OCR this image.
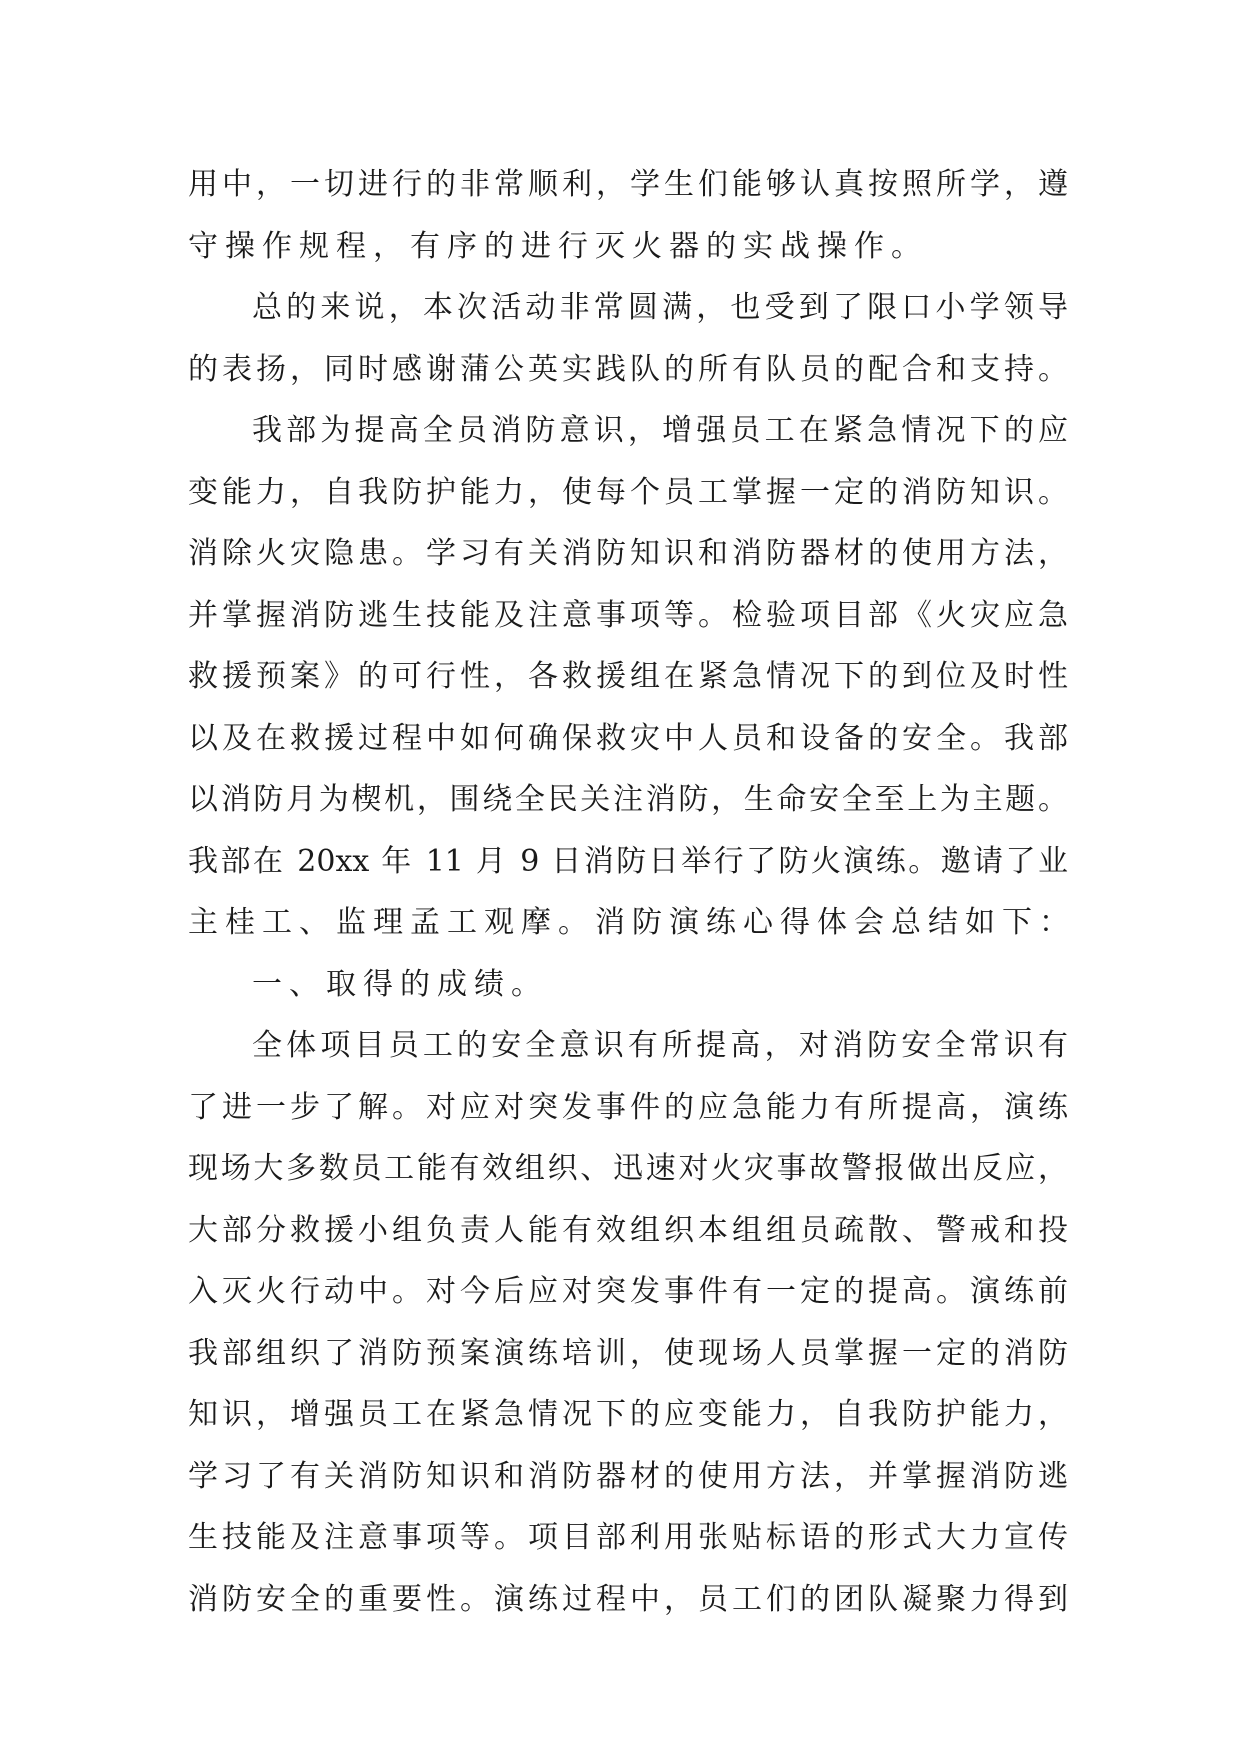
用中，一切进行的非常顺利，学生们能够认真按照所学，遵
守操作规程，有序的进行灭火器的实战操作。
总的来说，本次活动非常圆满，也受到了限口小学领导
的表扬，同时感谢蒲公英实践队的所有队员的配合和支持。
我部为提高全员消防意识，增强员工在紧急情况下的应
变能力，自我防护能力，使每个员工掌握一定的消防知识。
消除火灾隐患。学习有关消防知识和消防器材的使用方法，
并掌握消防逃生技能及注意事项等。检验项目部《火灾应急
救援预案》的可行性，各救援组在紧急情况下的到位及时性
以及在救援过程中如何确保救灾中人员和设备的安全。我部
以消防月为楔机，围绕全民关注消防，生命安全至上为主题。
我部在 20xx 年 11 月 9 日消防日举行了防火演练。邀请了业
主桂工、监理孟工观摩。消防演练心得体会总结如下：
一、取得的成绩。
全体项目员工的安全意识有所提高，对消防安全常识有
了进一步了解。对应对突发事件的应急能力有所提高，演练
现场大多数员工能有效组织、迅速对火灾事故警报做出反应，
大部分救援小组负责人能有效组织本组组员疏散、警戒和投
入灭火行动中。对今后应对突发事件有一定的提高。演练前
我部组织了消防预案演练培训，使现场人员掌握一定的消防
知识，增强员工在紧急情况下的应变能力，自我防护能力，
学习了有关消防知识和消防器材的使用方法，并掌握消防逃
生技能及注意事项等。项目部利用张贴标语的形式大力宣传
消防安全的重要性。演练过程中，员工们的团队凝聚力得到
